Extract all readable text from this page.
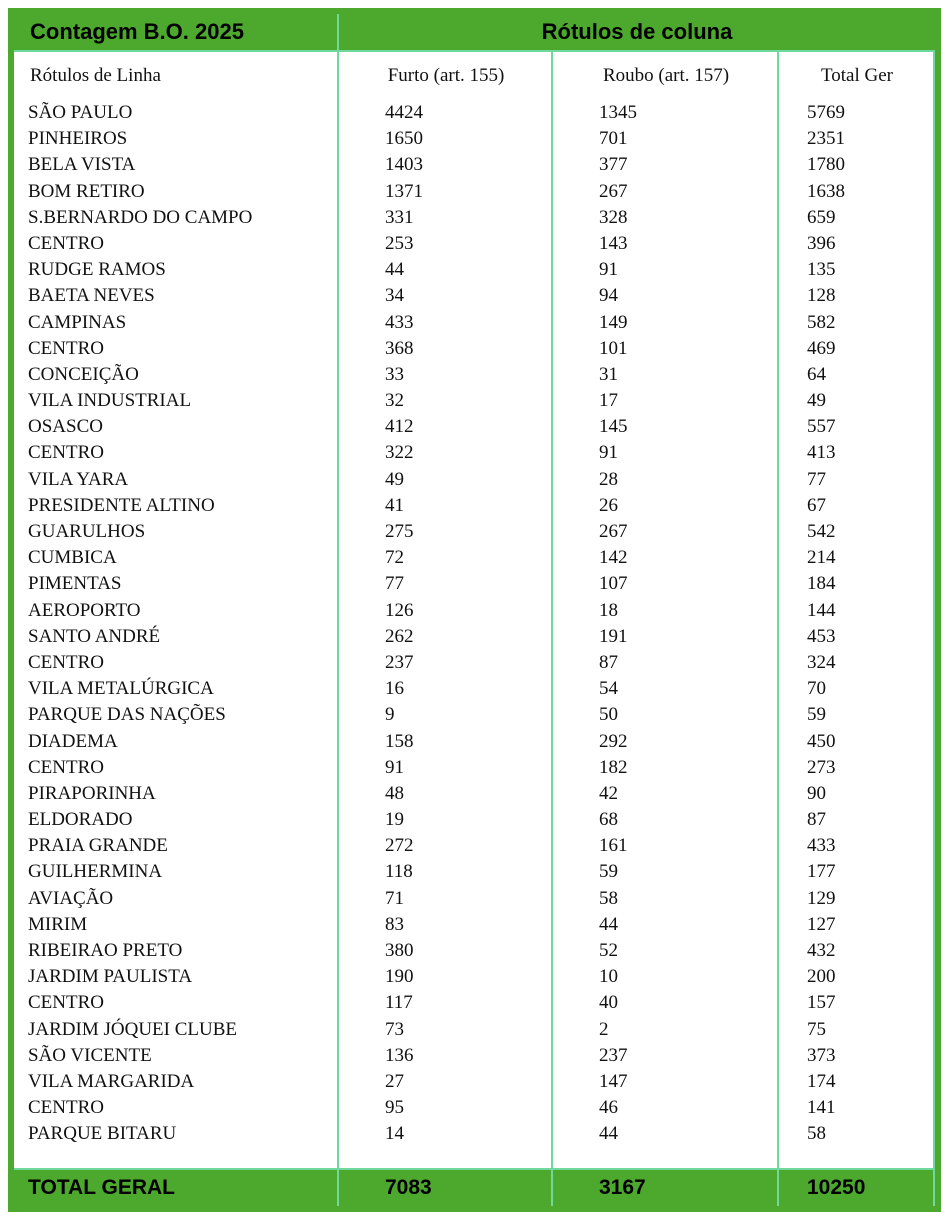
Contagem B.O. 2025	Rótulos de coluna
Rótulos de Linha	Furto (art. 155)	Roubo (art. 157)	Total Ger
SÃO PAULO	4424	1345	5769
PINHEIROS	1650	701	2351
BELA VISTA	1403	377	1780
BOM RETIRO	1371	267	1638
S.BERNARDO DO CAMPO	331	328	659
CENTRO	253	143	396
RUDGE RAMOS	44	91	135
BAETA NEVES	34	94	128
CAMPINAS	433	149	582
CENTRO	368	101	469
CONCEIÇÃO	33	31	64
VILA INDUSTRIAL	32	17	49
OSASCO	412	145	557
CENTRO	322	91	413
VILA YARA	49	28	77
PRESIDENTE ALTINO	41	26	67
GUARULHOS	275	267	542
CUMBICA	72	142	214
PIMENTAS	77	107	184
AEROPORTO	126	18	144
SANTO ANDRÉ	262	191	453
CENTRO	237	87	324
VILA METALÚRGICA	16	54	70
PARQUE DAS NAÇÕES	9	50	59
DIADEMA	158	292	450
CENTRO	91	182	273
PIRAPORINHA	48	42	90
ELDORADO	19	68	87
PRAIA GRANDE	272	161	433
GUILHERMINA	118	59	177
AVIAÇÃO	71	58	129
MIRIM	83	44	127
RIBEIRAO PRETO	380	52	432
JARDIM PAULISTA	190	10	200
CENTRO	117	40	157
JARDIM JÓQUEI CLUBE	73	2	75
SÃO VICENTE	136	237	373
VILA MARGARIDA	27	147	174
CENTRO	95	46	141
PARQUE BITARU	14	44	58
TOTAL GERAL	7083	3167	10250
